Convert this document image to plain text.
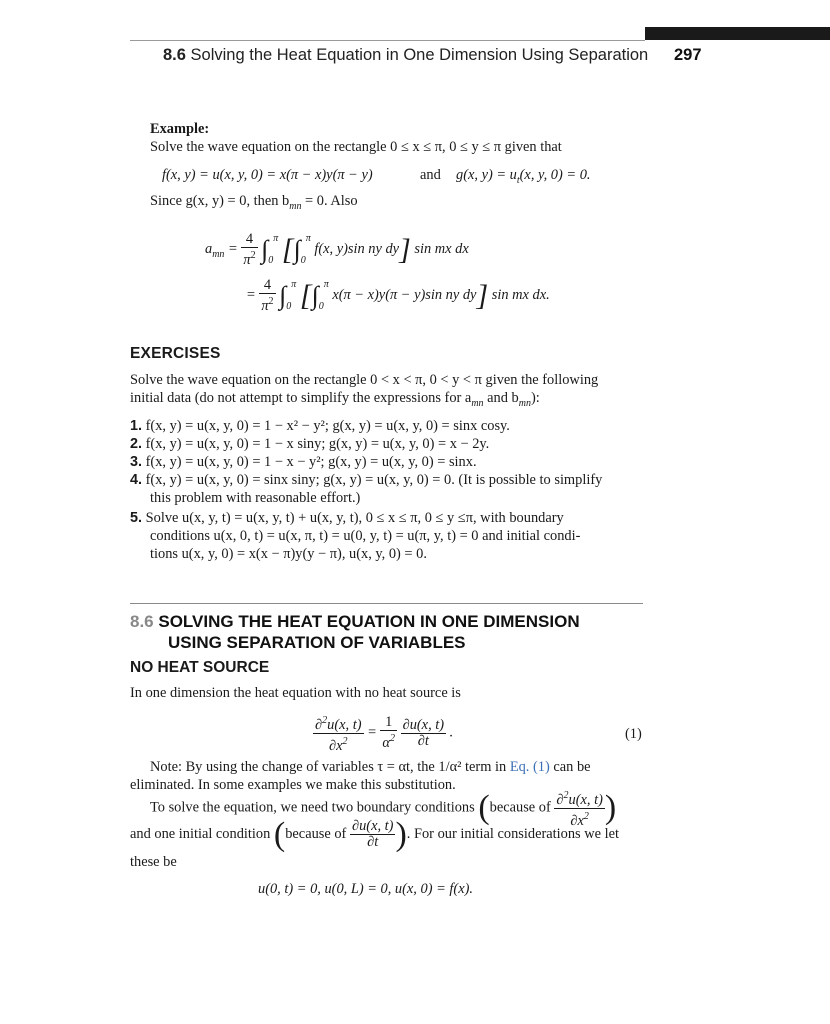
8.6 Solving the Heat Equation in One Dimension Using Separation 297
Example:
Solve the wave equation on the rectangle 0 ≤ x ≤ π, 0 ≤ y ≤ π given that
f(x, y) = u(x, y, 0) = x(π − x)y(π − y)	and g(x, $y) = u_t(x$, y, 0) = 0.
Since g(x, y) = 0, then $b_{mn} = 0$. Also
$a_{mn} = \frac{4}{\pi^2} \int_0^\pi$ [$\int_0^\pi$ f(x, y)sin ny dy] sin mx dx
= $\frac{4}{\pi^2} \int_0^\pi$ [$\int_0^\pi$ x(π − x)y(π − y)sin ny dy] sin mx dx.
EXERCISES
Solve the wave equation on the rectangle 0 < x < π, 0 < y < π given the following
initial data (do not attempt to simplify the expressions for $a_{mn}$ and $b_{mn}$):
1. f(x, y) = u(x, y, 0) = 1 − x² − y²; g(x, y) = u(x, y, 0) = sinx cosy.
2. f(x, y) = u(x, y, 0) = 1 − x siny; g(x, y) = u(x, y, 0) = x − 2y.
3. f(x, y) = u(x, y, 0) = 1 − x − y²; g(x, y) = u(x, y, 0) = sinx.
4. f(x, y) = u(x, y, 0) = sinx siny; g(x, y) = u(x, y, 0) = 0. (It is possible to simplify
this problem with reasonable effort.)
5. Solve u(x, y, t) = u(x, y, t) + u(x, y, t), 0 ≤ x ≤ π, 0 ≤ y ≤π, with boundary
conditions u(x, 0, t) = u(x, π, t) = u(0, y, t) = u(π, y, t) = 0 and initial condi-
tions u(x, y, 0) = x(x − π)y(y − π), u(x, y, 0) = 0.
8.6 SOLVING THE HEAT EQUATION IN ONE DIMENSION
USING SEPARATION OF VARIABLES
NO HEAT SOURCE
In one dimension the heat equation with no heat source is
$\frac{\partial^2u(x, t)}{\partial x^2} = \frac{1}{\alpha^2}$
$\frac{\partial u(x, t)}{\partial t}$ .	(1)
Note: By using the change of variables τ = αt, the 1/α² term in Eq. (1) can be
eliminated. In some examples we make this substitution.
To solve the equation, we need two boundary conditions (because of $\frac{\partial^2u(x, t)}{\partial x^2}$ )
and one initial condition (because of $\frac{\partial u(x, t)}{\partial t}$ ). For our initial considerations we let
these be
u(0, t) = 0, u(0, L) = 0, u(x, 0) = f(x).
